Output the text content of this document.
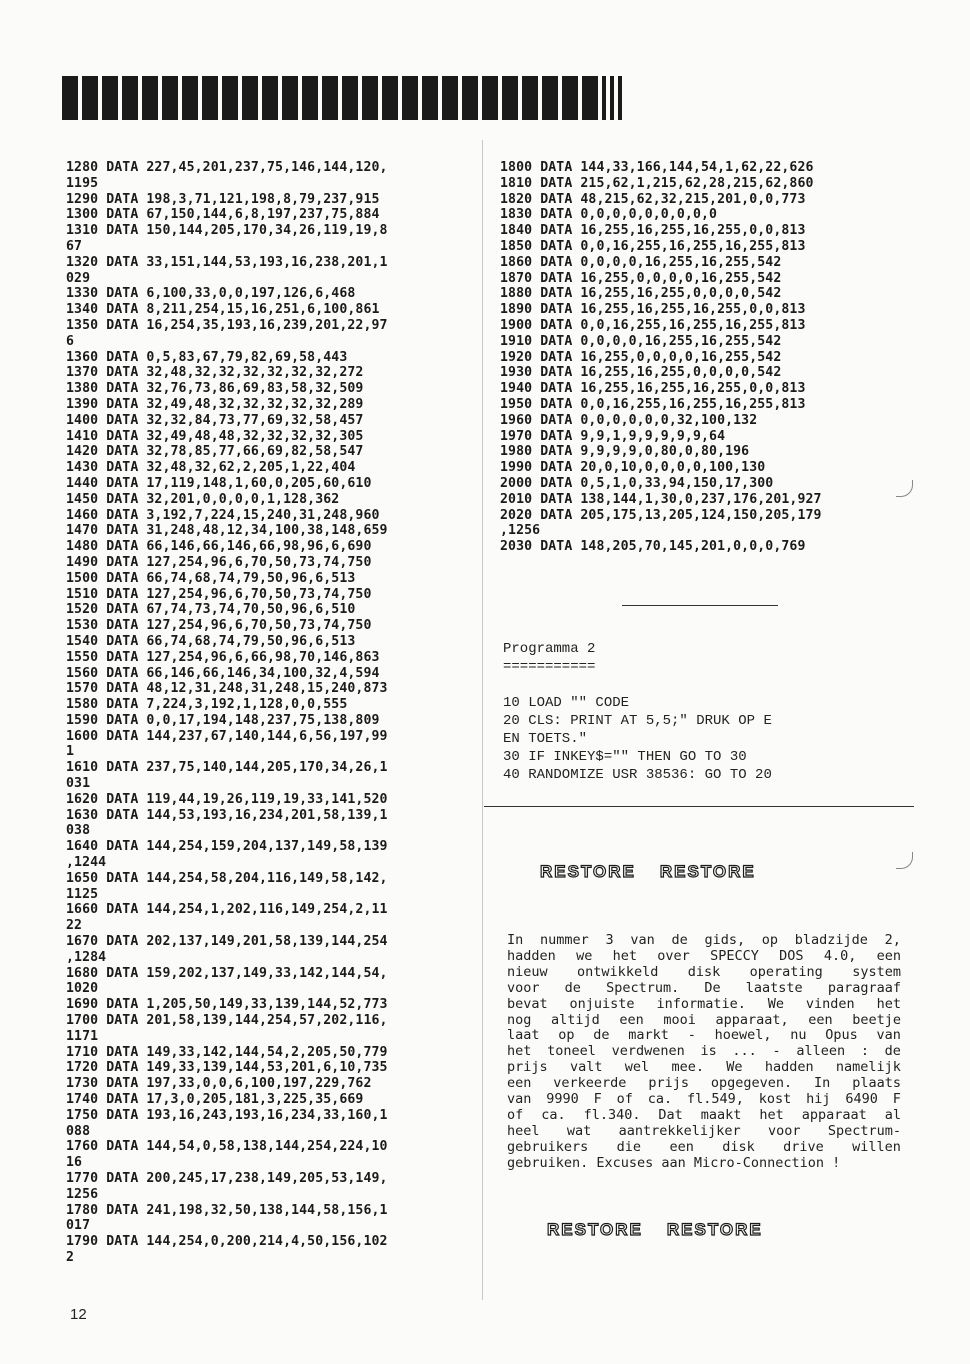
1280 DATA 227,45,201,237,75,146,144,120,
1195
1290 DATA 198,3,71,121,198,8,79,237,915
1300 DATA 67,150,144,6,8,197,237,75,884
1310 DATA 150,144,205,170,34,26,119,19,8
67
1320 DATA 33,151,144,53,193,16,238,201,1
029
1330 DATA 6,100,33,0,0,197,126,6,468
1340 DATA 8,211,254,15,16,251,6,100,861
1350 DATA 16,254,35,193,16,239,201,22,97
6
1360 DATA 0,5,83,67,79,82,69,58,443
1370 DATA 32,48,32,32,32,32,32,32,272
1380 DATA 32,76,73,86,69,83,58,32,509
1390 DATA 32,49,48,32,32,32,32,32,289
1400 DATA 32,32,84,73,77,69,32,58,457
1410 DATA 32,49,48,48,32,32,32,32,305
1420 DATA 32,78,85,77,66,69,82,58,547
1430 DATA 32,48,32,62,2,205,1,22,404
1440 DATA 17,119,148,1,60,0,205,60,610
1450 DATA 32,201,0,0,0,0,1,128,362
1460 DATA 3,192,7,224,15,240,31,248,960
1470 DATA 31,248,48,12,34,100,38,148,659
1480 DATA 66,146,66,146,66,98,96,6,690
1490 DATA 127,254,96,6,70,50,73,74,750
1500 DATA 66,74,68,74,79,50,96,6,513
1510 DATA 127,254,96,6,70,50,73,74,750
1520 DATA 67,74,73,74,70,50,96,6,510
1530 DATA 127,254,96,6,70,50,73,74,750
1540 DATA 66,74,68,74,79,50,96,6,513
1550 DATA 127,254,96,6,66,98,70,146,863
1560 DATA 66,146,66,146,34,100,32,4,594
1570 DATA 48,12,31,248,31,248,15,240,873
1580 DATA 7,224,3,192,1,128,0,0,555
1590 DATA 0,0,17,194,148,237,75,138,809
1600 DATA 144,237,67,140,144,6,56,197,99
1
1610 DATA 237,75,140,144,205,170,34,26,1
031
1620 DATA 119,44,19,26,119,19,33,141,520
1630 DATA 144,53,193,16,234,201,58,139,1
038
1640 DATA 144,254,159,204,137,149,58,139
,1244
1650 DATA 144,254,58,204,116,149,58,142,
1125
1660 DATA 144,254,1,202,116,149,254,2,11
22
1670 DATA 202,137,149,201,58,139,144,254
,1284
1680 DATA 159,202,137,149,33,142,144,54,
1020
1690 DATA 1,205,50,149,33,139,144,52,773
1700 DATA 201,58,139,144,254,57,202,116,
1171
1710 DATA 149,33,142,144,54,2,205,50,779
1720 DATA 149,33,139,144,53,201,6,10,735
1730 DATA 197,33,0,0,6,100,197,229,762
1740 DATA 17,3,0,205,181,3,225,35,669
1750 DATA 193,16,243,193,16,234,33,160,1
088
1760 DATA 144,54,0,58,138,144,254,224,10
16
1770 DATA 200,245,17,238,149,205,53,149,
1256
1780 DATA 241,198,32,50,138,144,58,156,1
017
1790 DATA 144,254,0,200,214,4,50,156,102
2
1800 DATA 144,33,166,144,54,1,62,22,626
1810 DATA 215,62,1,215,62,28,215,62,860
1820 DATA 48,215,62,32,215,201,0,0,773
1830 DATA 0,0,0,0,0,0,0,0,0
1840 DATA 16,255,16,255,16,255,0,0,813
1850 DATA 0,0,16,255,16,255,16,255,813
1860 DATA 0,0,0,0,16,255,16,255,542
1870 DATA 16,255,0,0,0,0,16,255,542
1880 DATA 16,255,16,255,0,0,0,0,542
1890 DATA 16,255,16,255,16,255,0,0,813
1900 DATA 0,0,16,255,16,255,16,255,813
1910 DATA 0,0,0,0,16,255,16,255,542
1920 DATA 16,255,0,0,0,0,16,255,542
1930 DATA 16,255,16,255,0,0,0,0,542
1940 DATA 16,255,16,255,16,255,0,0,813
1950 DATA 0,0,16,255,16,255,16,255,813
1960 DATA 0,0,0,0,0,0,32,100,132
1970 DATA 9,9,1,9,9,9,9,9,64
1980 DATA 9,9,9,9,0,80,0,80,196
1990 DATA 20,0,10,0,0,0,0,100,130
2000 DATA 0,5,1,0,33,94,150,17,300
2010 DATA 138,144,1,30,0,237,176,201,927
2020 DATA 205,175,13,205,124,150,205,179
,1256
2030 DATA 148,205,70,145,201,0,0,0,769
Programma 2
===========

10 LOAD "" CODE
20 CLS: PRINT AT 5,5;" DRUK OP E
EN TOETS."
30 IF INKEY$="" THEN GO TO 30
40 RANDOMIZE USR 38536: GO TO 20
RESTORE RESTORE
In nummer 3 van de gids, op bladzijde 2,
hadden we het over SPECCY DOS 4.0, een
nieuw ontwikkeld disk operating system
voor de Spectrum. De laatste paragraaf
bevat onjuiste informatie. We vinden het
nog altijd een mooi apparaat, een beetje
laat op de markt - hoewel, nu Opus van
het toneel verdwenen is ... - alleen : de
prijs valt wel mee. We hadden namelijk
een verkeerde prijs opgegeven. In plaats
van 9990 F of ca. fl.549, kost hij 6490 F
of ca. fl.340. Dat maakt het apparaat al
heel wat aantrekkelijker voor Spectrum-
gebruikers die een disk drive willen
gebruiken. Excuses aan Micro-Connection !
RESTORE RESTORE
12
